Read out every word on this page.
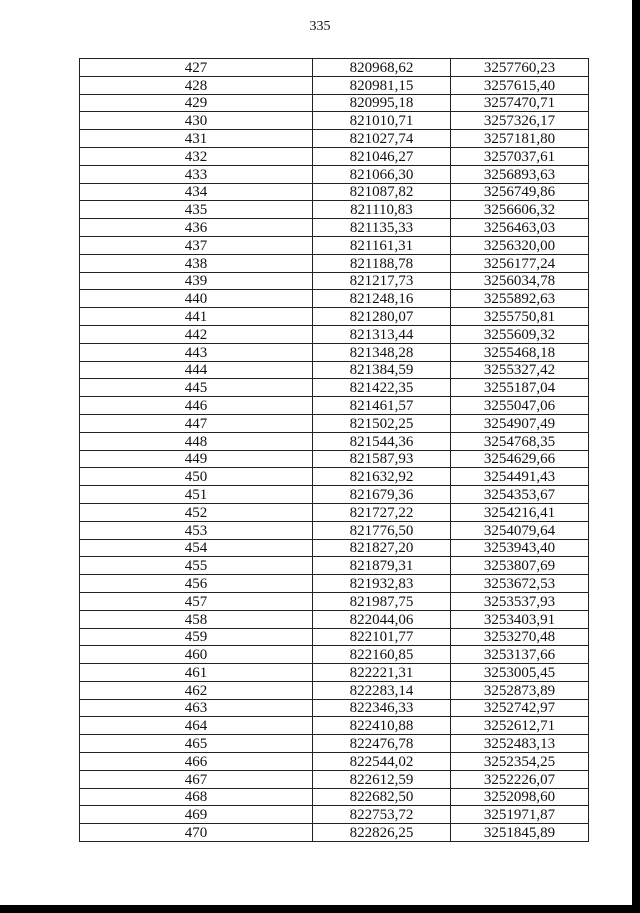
335
427	820968,62	3257760,23
428	820981,15	3257615,40
429	820995,18	3257470,71
430	821010,71	3257326,17
431	821027,74	3257181,80
432	821046,27	3257037,61
433	821066,30	3256893,63
434	821087,82	3256749,86
435	821110,83	3256606,32
436	821135,33	3256463,03
437	821161,31	3256320,00
438	821188,78	3256177,24
439	821217,73	3256034,78
440	821248,16	3255892,63
441	821280,07	3255750,81
442	821313,44	3255609,32
443	821348,28	3255468,18
444	821384,59	3255327,42
445	821422,35	3255187,04
446	821461,57	3255047,06
447	821502,25	3254907,49
448	821544,36	3254768,35
449	821587,93	3254629,66
450	821632,92	3254491,43
451	821679,36	3254353,67
452	821727,22	3254216,41
453	821776,50	3254079,64
454	821827,20	3253943,40
455	821879,31	3253807,69
456	821932,83	3253672,53
457	821987,75	3253537,93
458	822044,06	3253403,91
459	822101,77	3253270,48
460	822160,85	3253137,66
461	822221,31	3253005,45
462	822283,14	3252873,89
463	822346,33	3252742,97
464	822410,88	3252612,71
465	822476,78	3252483,13
466	822544,02	3252354,25
467	822612,59	3252226,07
468	822682,50	3252098,60
469	822753,72	3251971,87
470	822826,25	3251845,89
